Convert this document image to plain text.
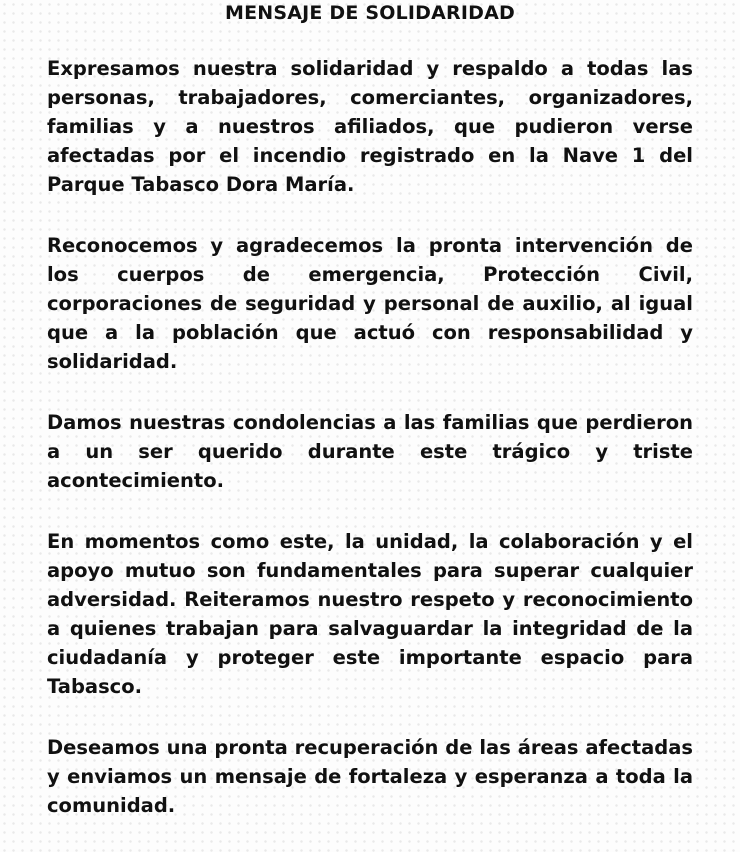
MENSAJE DE SOLIDARIDAD

Expresamos nuestra solidaridad y respaldo a todas las personas, trabajadores, comerciantes, organizadores, familias y a nuestros afiliados, que pudieron verse afectadas por el incendio registrado en la Nave 1 del Parque Tabasco Dora María.

Reconocemos y agradecemos la pronta intervención de los cuerpos de emergencia, Protección Civil, corporaciones de seguridad y personal de auxilio, al igual que a la población que actuó con responsabilidad y solidaridad.

Damos nuestras condolencias a las familias que perdieron a un ser querido durante este trágico y triste acontecimiento.

En momentos como este, la unidad, la colaboración y el apoyo mutuo son fundamentales para superar cualquier adversidad. Reiteramos nuestro respeto y reconocimiento a quienes trabajan para salvaguardar la integridad de la ciudadanía y proteger este importante espacio para Tabasco.

Deseamos una pronta recuperación de las áreas afectadas y enviamos un mensaje de fortaleza y esperanza a toda la comunidad.
